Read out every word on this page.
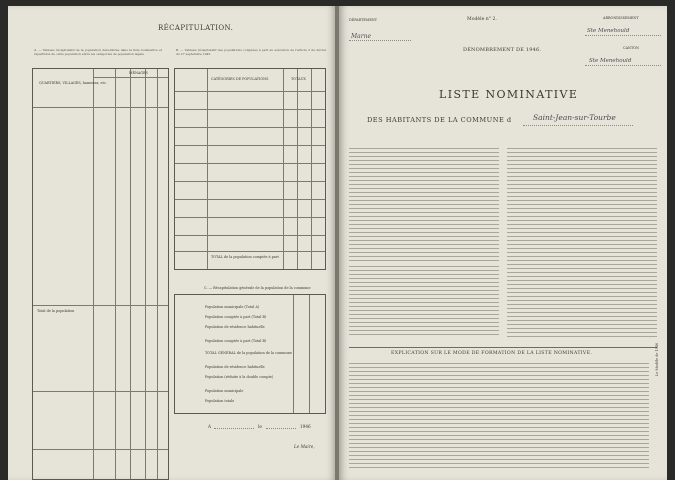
RÉCAPITULATION.
A. — Tableau récapitulatif de la population dénombrée dans la liste nominative et répartition de cette population entre les catégories de population légale
B. — Tableau récapitulatif des populations comptées à part en exécution de l'article 3 du décret du 27 septembre 1945
QUARTIERS, VILLAGES, hameaux, etc.
MÉNAGES
Total de la population
CATÉGORIES DE POPULATIONS	TOTAUX
TOTAL de la population comptée à part
C. — Récapitulation générale de la population de la commune
Population municipale (Total A)
Population comptée à part (Total B)
Population de résidence habituelle
Population comptée à part (Total B)
TOTAL GÉNÉRAL de la population de la commune
Population de résidence habituelle
Population (réduite à la double compte)
Population municipale
Population totale
A	le	1946
Le Maire,
DÉPARTEMENT
Marne
Modèle n° 2.	ARRONDISSEMENT
Ste Menehould
CANTON
Ste Menehould
DÉNOMBREMENT DE 1946.
LISTE NOMINATIVE
DES HABITANTS DE LA COMMUNE d	Saint-Jean-sur-Tourbe
EXPLICATION SUR LE MODE DE FORMATION DE LA LISTE NOMINATIVE.	Le Modèle de 1946
